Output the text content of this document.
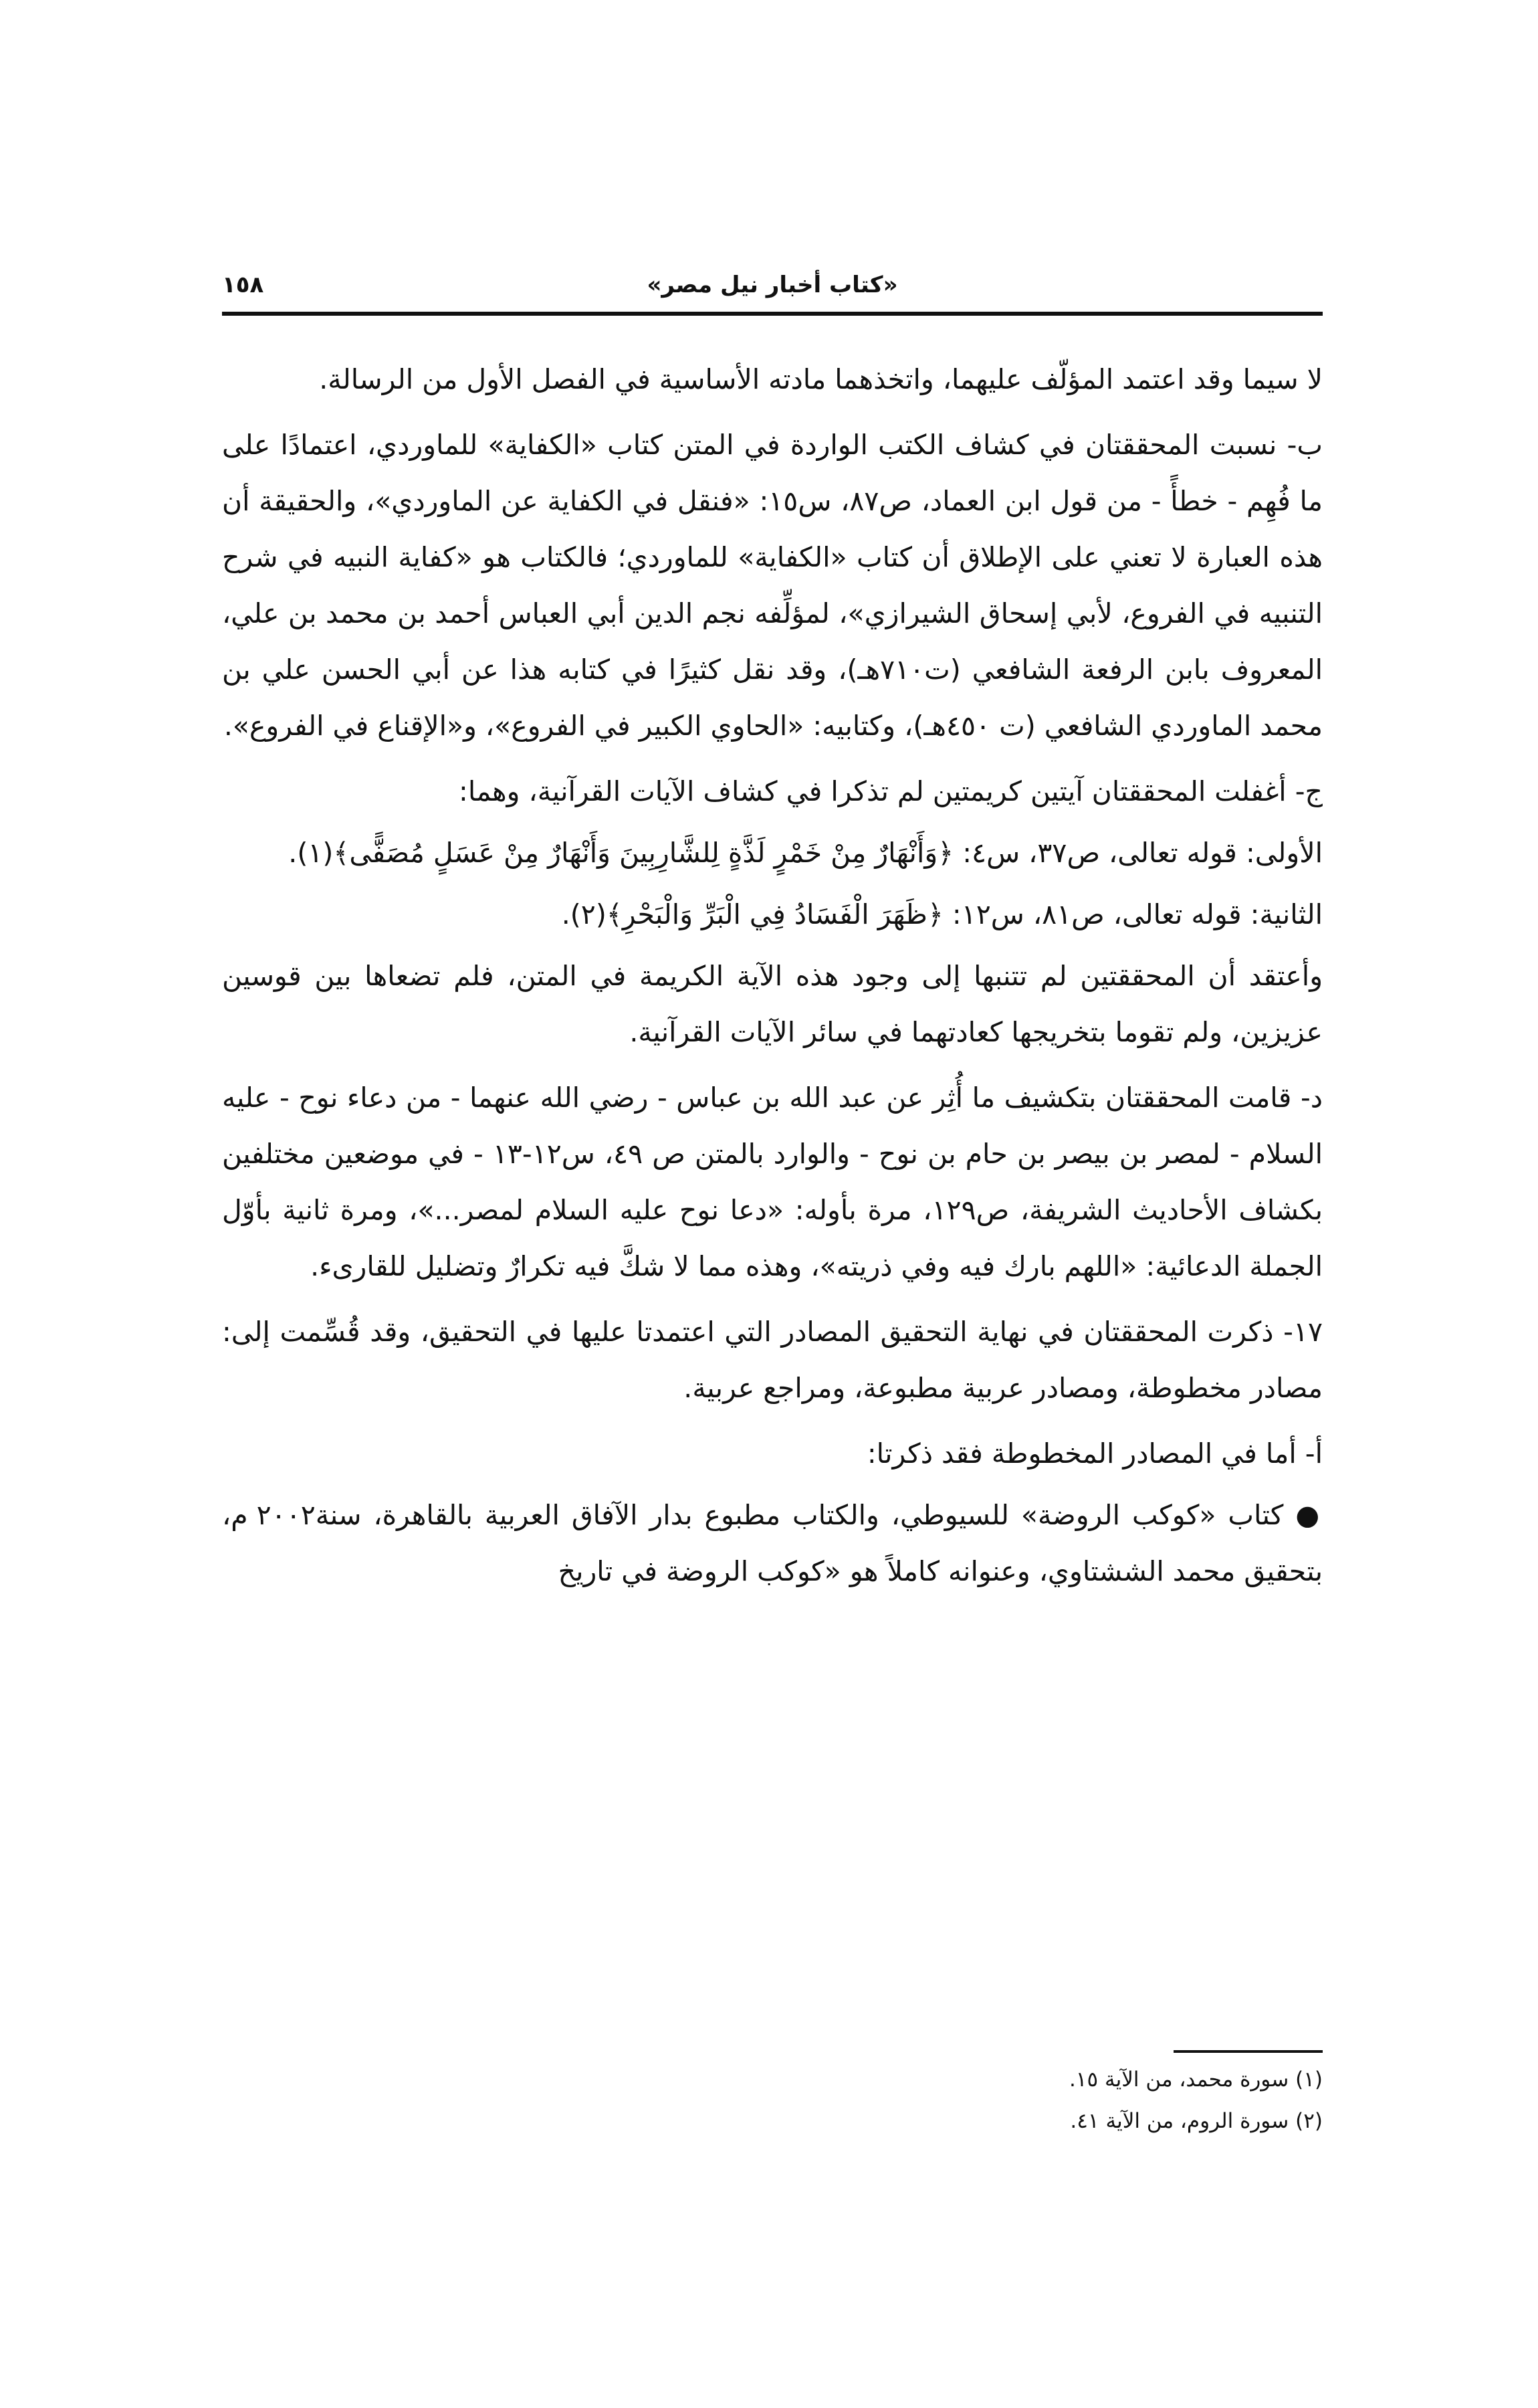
١٥٨	«كتاب أخبار نيل مصر»

لا سيما وقد اعتمد المؤلّف عليهما، واتخذهما مادته الأساسية في الفصل الأول من الرسالة.

ب- نسبت المحققتان في كشاف الكتب الواردة في المتن كتاب «الكفاية» للماوردي، اعتمادًا على ما فُهِم - خطأً - من قول ابن العماد، ص٨٧، س١٥: «فنقل في الكفاية عن الماوردي»، والحقيقة أن هذه العبارة لا تعني على الإطلاق أن كتاب «الكفاية» للماوردي؛ فالكتاب هو «كفاية النبيه في شرح التنبيه في الفروع، لأبي إسحاق الشيرازي»، لمؤلِّفه نجم الدين أبي العباس أحمد بن محمد بن علي، المعروف بابن الرفعة الشافعي (ت٧١٠هـ)، وقد نقل كثيرًا في كتابه هذا عن أبي الحسن علي بن محمد الماوردي الشافعي (ت ٤٥٠هـ)، وكتابيه: «الحاوي الكبير في الفروع»، و«الإقناع في الفروع».

ج- أغفلت المحققتان آيتين كريمتين لم تذكرا في كشاف الآيات القرآنية، وهما:

الأولى: قوله تعالى، ص٣٧، س٤: ﴿وَأَنْهَارٌ مِنْ خَمْرٍ لَذَّةٍ لِلشَّارِبِينَ وَأَنْهَارٌ مِنْ عَسَلٍ مُصَفًّى﴾(١).

الثانية: قوله تعالى، ص٨١، س١٢: ﴿ظَهَرَ الْفَسَادُ فِي الْبَرِّ وَالْبَحْرِ﴾(٢).

وأعتقد أن المحققتين لم تتنبها إلى وجود هذه الآية الكريمة في المتن، فلم تضعاها بين قوسين عزيزين، ولم تقوما بتخريجها كعادتهما في سائر الآيات القرآنية.

د- قامت المحققتان بتكشيف ما أُثِر عن عبد الله بن عباس - رضي الله عنهما - من دعاء نوح - عليه السلام - لمصر بن بيصر بن حام بن نوح - والوارد بالمتن ص ٤٩، س١٢-١٣ - في موضعين مختلفين بكشاف الأحاديث الشريفة، ص١٢٩، مرة بأوله: «دعا نوح عليه السلام لمصر...»، ومرة ثانية بأوّل الجملة الدعائية: «اللهم بارك فيه وفي ذريته»، وهذه مما لا شكَّ فيه تكرارٌ وتضليل للقارىء.

١٧- ذكرت المحققتان في نهاية التحقيق المصادر التي اعتمدتا عليها في التحقيق، وقد قُسِّمت إلى: مصادر مخطوطة، ومصادر عربية مطبوعة، ومراجع عربية.

أ- أما في المصادر المخطوطة فقد ذكرتا:

● كتاب «كوكب الروضة» للسيوطي، والكتاب مطبوع بدار الآفاق العربية بالقاهرة، سنة٢٠٠٢ م، بتحقيق محمد الششتاوي، وعنوانه كاملاً هو «كوكب الروضة في تاريخ

(١) سورة محمد، من الآية ١٥.
(٢) سورة الروم، من الآية ٤١.
